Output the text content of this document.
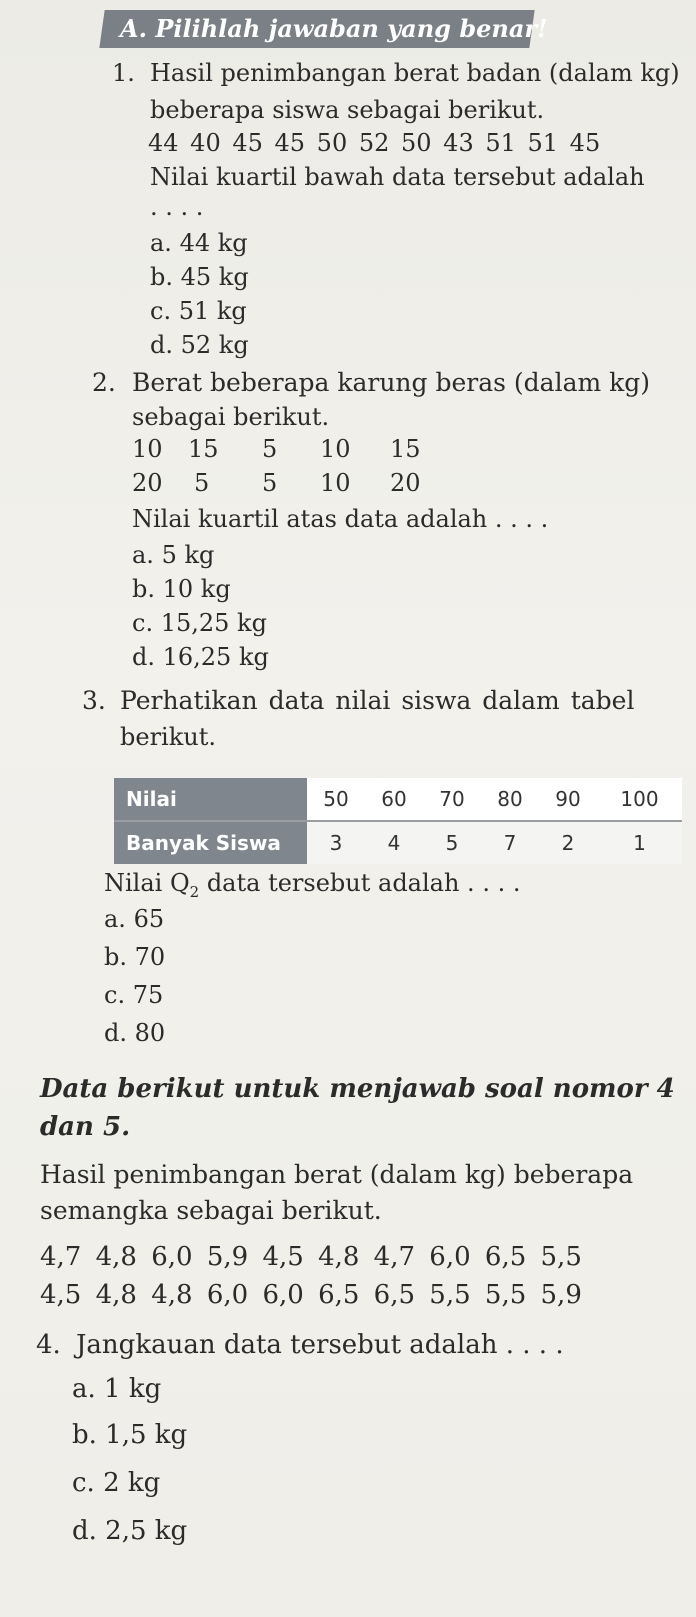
A. Pilihlah jawaban yang benar!
1. Hasil penimbangan berat badan (dalam kg)
beberapa siswa sebagai berikut.
44 40 45 45 50 52 50 43 51 51 45
Nilai kuartil bawah data tersebut adalah
. . . .
a. 44 kg
b. 45 kg
c. 51 kg
d. 52 kg
2. Berat beberapa karung beras (dalam kg)
sebagai berikut.
10 15 5 10 15
20 5 5 10 20
Nilai kuartil atas data adalah . . . .
a. 5 kg
b. 10 kg
c. 15,25 kg
d. 16,25 kg
3. Perhatikan data nilai siswa dalam tabel
berikut.
Nilai	50	60	70	80	90	100
Banyak Siswa	3	4	5	7	2	1
Nilai $Q_2$ data tersebut adalah . . . .
a. 65
b. 70
c. 75
d. 80
Data berikut untuk menjawab soal nomor 4
dan 5.
Hasil penimbangan berat (dalam kg) beberapa
semangka sebagai berikut.
4,7 4,8 6,0 5,9 4,5 4,8 4,7 6,0 6,5 5,5
4,5 4,8 4,8 6,0 6,0 6,5 6,5 5,5 5,5 5,9
4. Jangkauan data tersebut adalah . . . .
a. 1 kg
b. 1,5 kg
c. 2 kg
d. 2,5 kg
